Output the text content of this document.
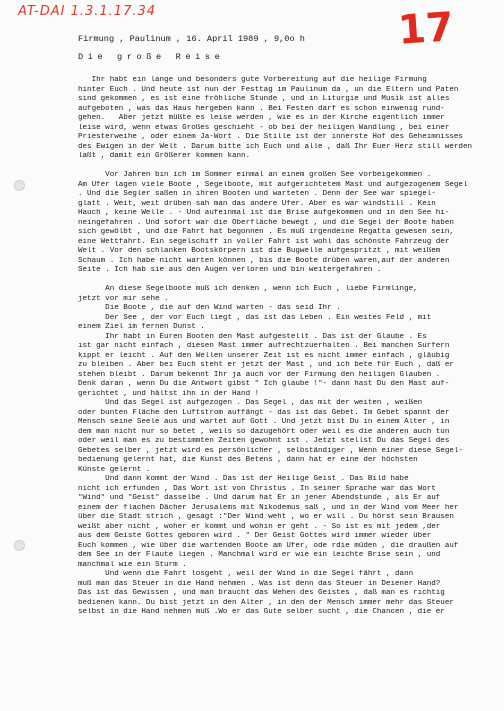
AT-DAI 1.3.1.17.34	17
Firmung , Paulinum , 16. April 1989 , 9,0o h
Die große Reise
Ihr habt ein lange und besonders gute Vorbereitung auf die heilige Firmung
hinter Euch . Und heute ist nun der Festtag im Paulinum da , un die Eltern und Paten
sind gekommen , es ist eine fröhliche Stunde , und in Liturgie und Musik ist alles
aufgeboten , was das Haus hergeben kann . Bei Festen darf es schon einwenig rund-
gehen.   Aber jetzt müßte es leise werden , wie es in der Kirche eigentlich immer
leise wird, wenn etwas Großes geschieht - ob bei der heiligen Wandlung , bei einer
Priesterweihe , oder einem Ja-Wort . Die Stille ist der innerste Hof des Geheimnisses
des Ewigen in der Welt . Darum bitte ich Euch und alle , daß Ihr Euer Herz still werden
laßt , damit ein Größerer kommen kann.
Vor Jahren bin ich im Sommer einmal an einem großen See vorbeigekommen .
Am Ufer lagen viele Boote , Segelboote, mit aufgerichtetem Mast und aufgezogenem Segel
. Und die Segler saßen in ihren Booten und warteten . Denn der See war spiegel-
glatt . Weit, weit drüben sah man das andere Ufer. Aber es war windstill . Kein
Hauch , keine Welle . - Und aufeinmal ist die Brise aufgekommen und in den See hi-
neingefahren . Und sofort war die Oberfläche bewegt , und die Segel der Boote haben
sich gewölbt , und die Fahrt hat begonnen . Es muß irgendeine Regatta gewesen sein,
eine Wettfahrt. Ein segelschiff in voller Fahrt ist wohl das schönste Fahrzeug der
Welt . Vor den schlanken Bootskörpern ist die Bugwelle aufgespritzt , mit weißem
Schaum . Ich habe nicht warten können , bis die Boote drüben waren,auf der anderen
Seite . Ich hab sie aus den Augen verloren und bin weitergefahren .
An diese Segelboote muß ich denken , wenn ich Euch , liebe Firmlinge,
jetzt vor mir sehe .
Die Boote , die auf den Wind warten - das seid Ihr .
Der See , der vor Euch liegt , das ist das Leben . Ein weites Feld , mit
einem Ziel im fernen Dunst .
Ihr habt in Euren Booten den Mast aufgestellt . Das ist der Glaube . Es
ist gar nicht einfach , diesen Mast immer aufrechtzuerhalten . Bei manchen Surfern
kippt er leicht . Auf den Wellen unserer Zeit ist es nicht immer einfach , gläubig
zu bleiben . Aber bei Euch steht er jetzt der Mast , und ich bete für Euch , daß er
stehen bleibt . Darum bekennt Ihr ja auch vor der Firmung den heiligen Glauben .
Denk daran , wenn Du die Antwort gibst " Ich glaube !"- dann hast Du den Mast auf-
gerichtet , und hältst ihn in der Hand !
Und das Segel ist aufgezogen . Das Segel , das mit der weiten , weißen
oder bunten Fläche den Luftstrom auffängt - das ist das Gebet. Im Gebet spannt der
Mensch seine Seele aus und wartet auf Gott . Und jetzt bist Du in einem Alter , in
dem man nicht nur so betet , weils so dazugehört oder weil es die anderen auch tun
oder weil man es zu bestimmten Zeiten gewohnt ist . Jetzt stellst Du das Segel des
Gebetes selber , jetzt wird es persönlicher , selbständiger , Wenn einer diese Segel-
bedienung gelernt hat, die Kunst des Betens , dann hat er eine der höchsten
Künste gelernt .
Und dann kommt der Wind . Das ist der Heilige Geist . Das Bild habe
nicht ich erfunden , Das Wort ist von Christus . In seiner Sprache war das Wort
"Wind" und "Geist" dasselbe . Und darum hat Er in jener Abendstunde , als Er auf
einem der flachen Dächer Jerusalems mit Nikodemus saß , und in der Wind vom Meer her
über die Stadt strich , gesagt :"Der Wind weht , wo er will . Du hörst sein Brausen
weißt aber nicht , woher er kommt und wohin er geht . - So ist es mit jedem ,der
aus dem Geiste Gottes geboren wird . " Der Geist Gottes wird immer wieder über
Euch kommen , wie über die wartenden Boote am Ufer, ode rdie müden , die draußen auf
dem See in der Flaute liegen . Manchmal wird er wie ein leichte Brise sein , und
manchmal wie ein Sturm .
Und wenn die Fahrt losgeht , weil der Wind in die Segel fährt , dann
muß man das Steuer in die Hand nehmen . Was ist denn das Steuer in Deiener Hand?
Das ist das Gewissen , und man braucht das Wehen des Geistes , daß man es richtig
bedienen kann. Du bist jetzt in den Alter , in den der Mensch immer mehr das Steuer
selbst in die Hand nehmen muß .Wo er das Gute selber sucht , die Chancen , die er
